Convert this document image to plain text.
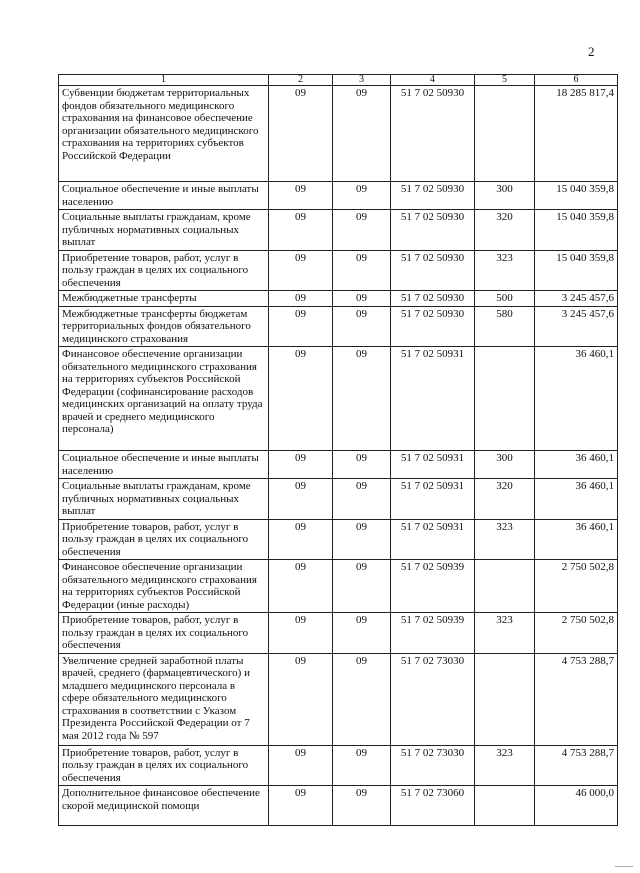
2
1	2	3	4	5	6
Субвенции бюджетам территориальных фондов обязательного медицинского страхования на финансовое обеспечение организации обязательного медицинского страхования на территориях субъектов Российской Федерации	09	09	51 7 02 50930		18 285 817,4
Социальное обеспечение и иные выплаты населению	09	09	51 7 02 50930	300	15 040 359,8
Социальные выплаты гражданам, кроме публичных нормативных социальных выплат	09	09	51 7 02 50930	320	15 040 359,8
Приобретение товаров, работ, услуг в пользу граждан в целях их социального обеспечения	09	09	51 7 02 50930	323	15 040 359,8
Межбюджетные трансферты	09	09	51 7 02 50930	500	3 245 457,6
Межбюджетные трансферты бюджетам территориальных фондов обязательного медицинского страхования	09	09	51 7 02 50930	580	3 245 457,6
Финансовое обеспечение организации обязательного медицинского страхования на территориях субъектов Российской Федерации (софинансирование расходов медицинских организаций на оплату труда врачей и среднего медицинского персонала)	09	09	51 7 02 50931		36 460,1
Социальное обеспечение и иные выплаты населению	09	09	51 7 02 50931	300	36 460,1
Социальные выплаты гражданам, кроме публичных нормативных социальных выплат	09	09	51 7 02 50931	320	36 460,1
Приобретение товаров, работ, услуг в пользу граждан в целях их социального обеспечения	09	09	51 7 02 50931	323	36 460,1
Финансовое обеспечение организации обязательного медицинского страхования на территориях субъектов Российской Федерации (иные расходы)	09	09	51 7 02 50939		2 750 502,8
Приобретение товаров, работ, услуг в пользу граждан в целях их социального обеспечения	09	09	51 7 02 50939	323	2 750 502,8
Увеличение средней заработной платы врачей, среднего (фармацевтического) и младшего медицинского персонала в сфере обязательного медицинского страхования в соответствии с Указом Президента Российской Федерации от 7 мая 2012 года № 597	09	09	51 7 02 73030		4 753 288,7
Приобретение товаров, работ, услуг в пользу граждан в целях их социального обеспечения	09	09	51 7 02 73030	323	4 753 288,7
Дополнительное финансовое обеспечение скорой медицинской помощи	09	09	51 7 02 73060		46 000,0
